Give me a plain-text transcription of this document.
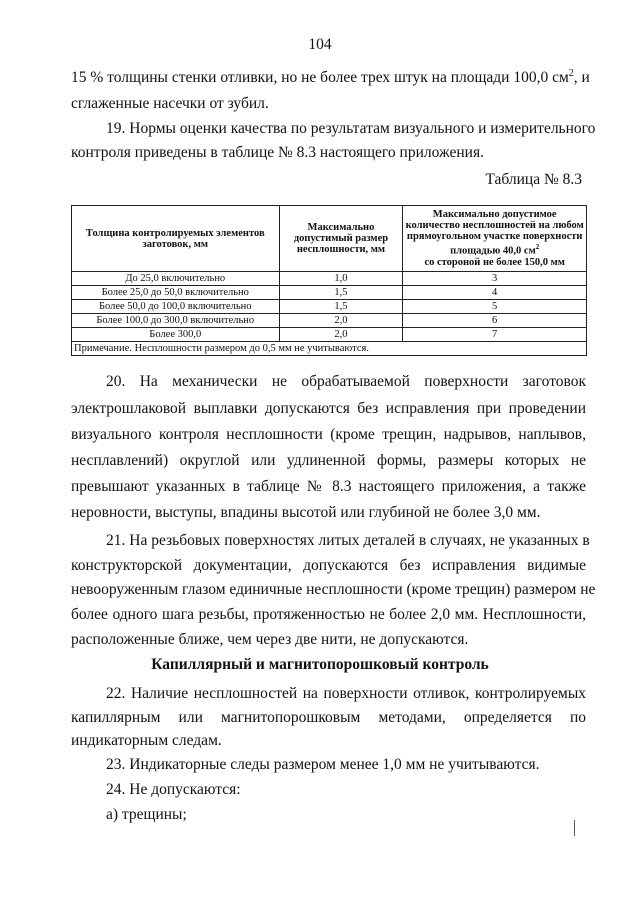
104
15 % толщины стенки отливки, но не более трех штук на площади 100,0 $см^2$, и
сглаженные насечки от зубил.
19. Нормы оценки качества по результатам визуального и измерительного
контроля приведены в таблице № 8.3 настоящего приложения.
Таблица № 8.3
Толщина контролируемых элементов заготовок, мм	Максимально допустимый размер несплошности, мм	Максимально допустимое количество несплошностей на любом прямоугольном участке поверхности площадью 40,0 $см^2$
со стороной не более 150,0 мм
До 25,0 включительно	1,0	3
Более 25,0 до 50,0 включительно	1,5	4
Более 50,0 до 100,0 включительно	1,5	5
Более 100,0 до 300,0 включительно	2,0	6
Более 300,0	2,0	7
Примечание. Несплошности размером до 0,5 мм не учитываются.		
20. На механически не обрабатываемой поверхности заготовок
электрошлаковой выплавки допускаются без исправления при проведении
визуального контроля несплошности (кроме трещин, надрывов, наплывов,
несплавлений) округлой или удлиненной формы, размеры которых не
превышают указанных в таблице № 8.3 настоящего приложения, а также
неровности, выступы, впадины высотой или глубиной не более 3,0 мм.
21. На резьбовых поверхностях литых деталей в случаях, не указанных в
конструкторской документации, допускаются без исправления видимые
невооруженным глазом единичные несплошности (кроме трещин) размером не
более одного шага резьбы, протяженностью не более 2,0 мм. Несплошности,
расположенные ближе, чем через две нити, не допускаются.
Капиллярный и магнитопорошковый контроль
22. Наличие несплошностей на поверхности отливок, контролируемых
капиллярным или магнитопорошковым методами, определяется по
индикаторным следам.
23. Индикаторные следы размером менее 1,0 мм не учитываются.
24. Не допускаются:
а) трещины;
